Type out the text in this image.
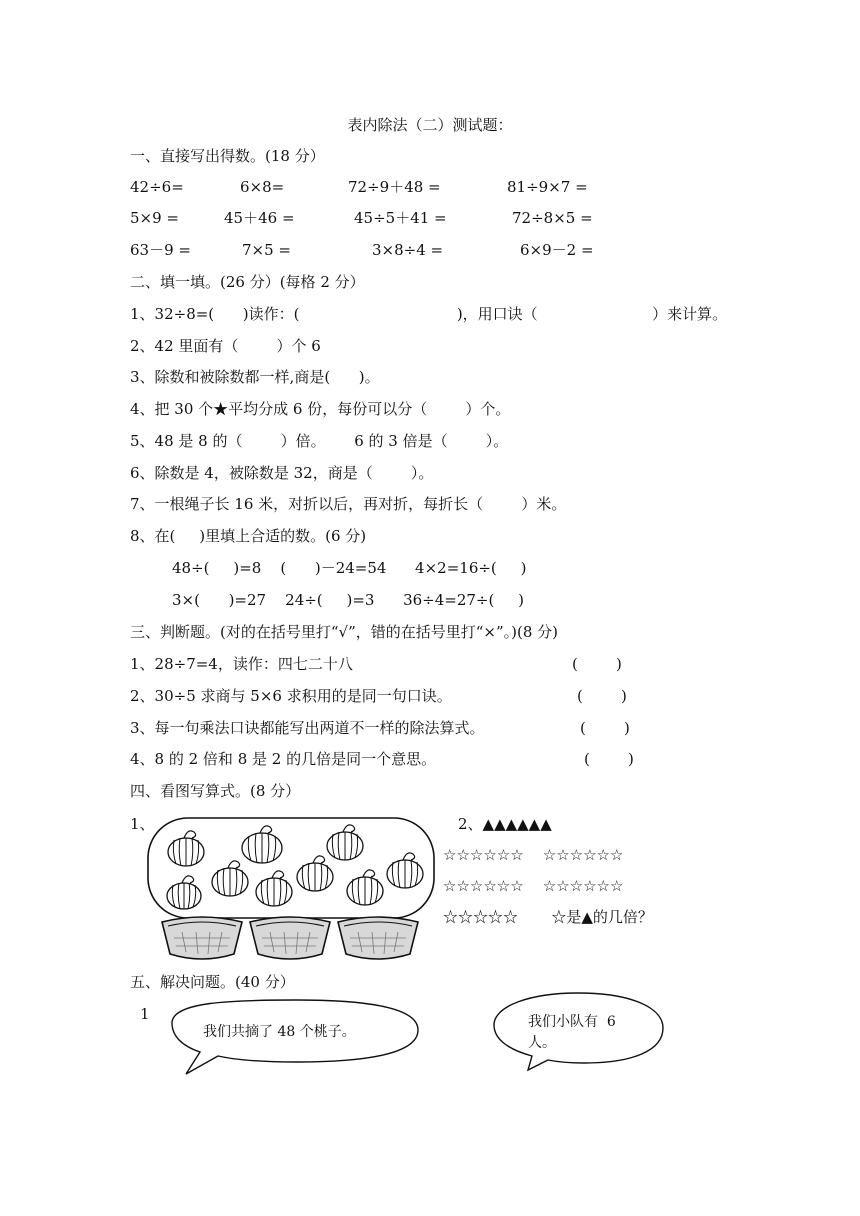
表内除法（二）测试题：
一、直接写出得数。(18 分）
42÷6=	6×8=	72÷9＋48 =	81÷9×7 =
5×9 =	45＋46 =	45÷5＋41 =	72÷8×5 =
63－9 =	7×5 =	3×8÷4 =	6×9－2 =
二、填一填。(26 分）(每格 2 分）
1、32÷8=(      )读作：(                                 )，用口诀（                        ）来计算。
2、42 里面有（        ）个 6
3、除数和被除数都一样,商是(      )。
4、把 30 个★平均分成 6 份，每份可以分（        ）个。
5、48 是 8 的（        ）倍。      6 的 3 倍是（        ）。
6、除数是 4，被除数是 32，商是（        ）。
7、一根绳子长 16 米，对折以后，再对折，每折长（        ）米。
8、在(     )里填上合适的数。(6 分)
48÷(     )=8    (      )－24=54      4×2=16÷(     )
3×(      )=27    24÷(     )=3      36÷4=27÷(     )
三、判断题。(对的在括号里打“√”，错的在括号里打“×”。)(8 分)
1、28÷7=4，读作：四七二十八	(        )
2、30÷5 求商与 5×6 求积用的是同一句口诀。	(        )
3、每一句乘法口诀都能写出两道不一样的除法算式。	(        )
4、8 的 2 倍和 8 是 2 的几倍是同一个意思。	(        )
四、看图写算式。(8 分）
1、	2、▲▲▲▲▲▲
☆☆☆☆☆☆    ☆☆☆☆☆☆
☆☆☆☆☆☆    ☆☆☆☆☆☆
☆☆☆☆☆       ☆是▲的几倍？
五、解决问题。(40 分）
1
我们共摘了 48 个桃子。
我们小队有  6
人。
